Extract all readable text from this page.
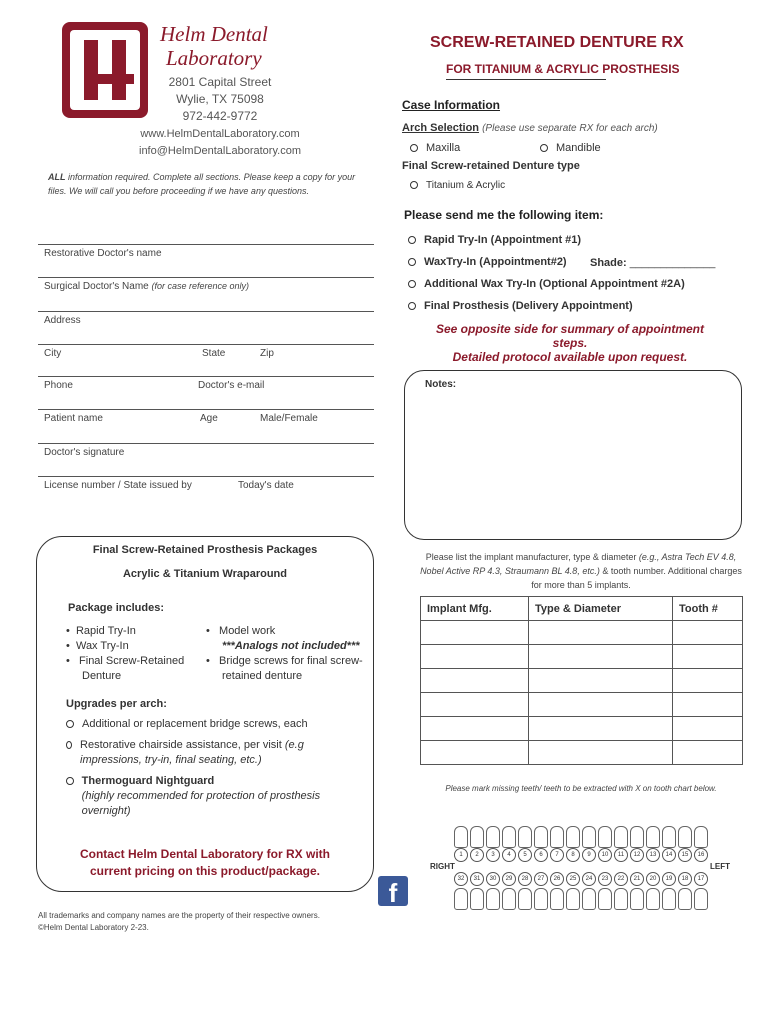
Helm Dental
Laboratory
2801 Capital Street
Wylie, TX 75098
972-442-9772
www.HelmDentalLaboratory.com
info@HelmDentalLaboratory.com
ALL information required. Complete all sections. Please keep a copy for your files. We will call you before proceeding if we have any questions.
SCREW-RETAINED DENTURE RX
FOR TITANIUM & ACRYLIC PROSTHESIS
Case Information
Arch Selection (Please use separate RX for each arch)
Maxilla	Mandible
Final Screw-retained Denture type
Titanium & Acrylic
Please send me the following item:
Rapid Try-In (Appointment #1)
WaxTry-In (Appointment#2) Shade: ______________
Additional Wax Try-In (Optional Appointment #2A)
Final Prosthesis (Delivery Appointment)
See opposite side for summary of appointment steps.
Detailed protocol available upon request.
Notes:
Restorative Doctor's name
Surgical Doctor's Name (for case reference only)
Address
City	State	Zip
Phone	Doctor's e-mail
Patient name	Age	Male/Female
Doctor's signature
License number / State issued by	Today's date
Final Screw-Retained Prosthesis Packages
Acrylic & Titanium Wraparound
Package includes:
•  Rapid Try-In
•  Wax Try-In
•   Final Screw-Retained Denture
•   Model work
***Analogs not included***
•   Bridge screws for final screw-retained denture
Upgrades per arch:
Additional or replacement bridge screws, each
Restorative chairside assistance, per visit (e.g impressions, try-in, final seating, etc.)
Thermoguard Nightguard
(highly recommended for protection of prosthesis overnight)
Contact Helm Dental Laboratory for RX with
current pricing on this product/package.
f
Please list the implant manufacturer, type & diameter (e.g., Astra Tech EV 4.8, Nobel Active RP 4.3, Straumann BL 4.8, etc.) & tooth number. Additional charges for more than 5 implants.
Implant Mfg.	Type & Diameter	Tooth #

Please mark missing teeth/ teeth to be extracted with X on tooth chart below.
RIGHT	LEFT
1	2	3	4	5	6	7	8	9	10	11	12	13	14	15	16
32	31	30	29	28	27	26	25	24	23	22	21	20	19	18	17
All trademarks and company names are the property of their respective owners.
©Helm Dental Laboratory 2-23.
